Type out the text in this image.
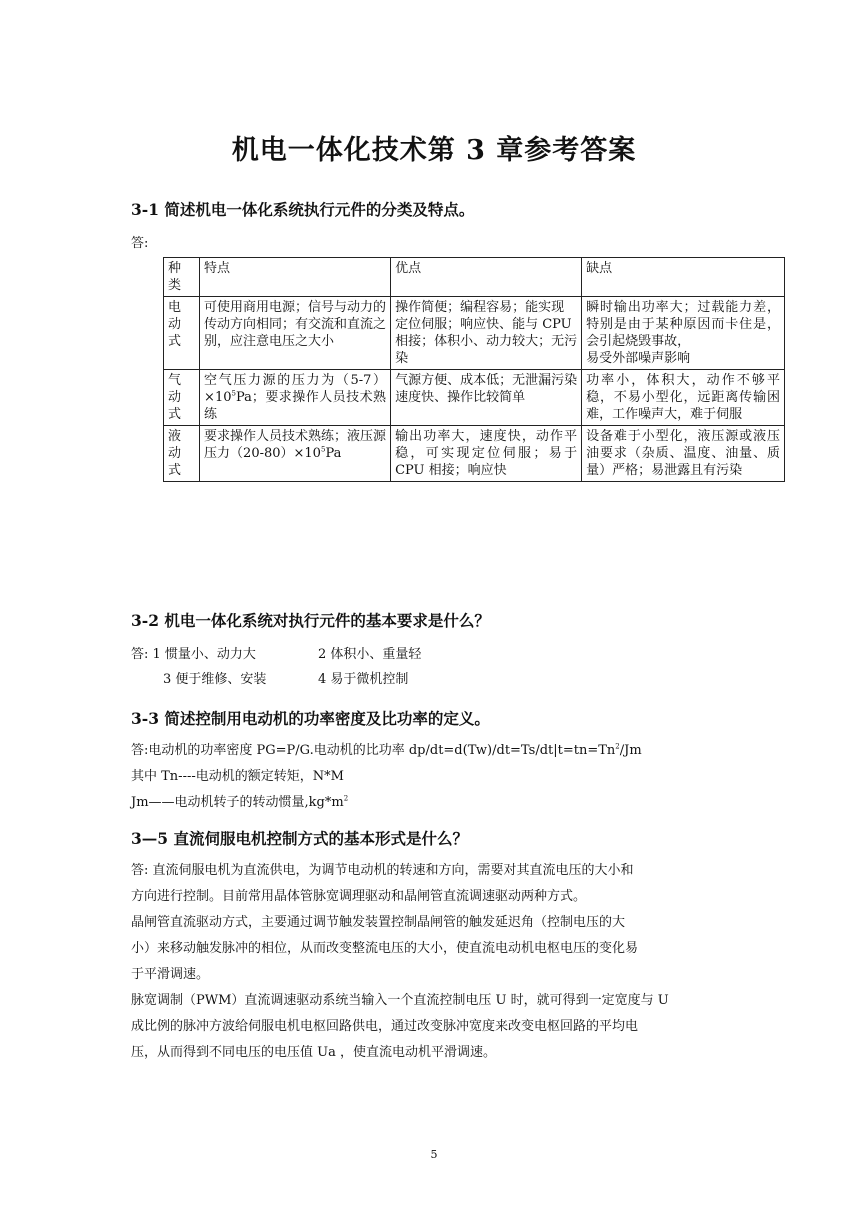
机电一体化技术第 3 章参考答案
3-1 简述机电一体化系统执行元件的分类及特点。
答:
种
类	特点	优点	缺点

电
动
式	可使用商用电源；信号与动力的
传动方向相同；有交流和直流之
别，应注意电压之大小	操作简便；编程容易；能实现
定位伺服；响应快、能与 CPU
相接；体积小、动力较大；无污
染	瞬时输出功率大；过载能力差，特别是由于某种原因而卡住是，会引起烧毁事故，
易受外部噪声影响

气
动
式	空气压力源的压力为$(5-7)\times 10^5Pa$；要求操作人员技术熟练	气源方便、成本低；无泄漏污染
速度快、操作比较简单	功率小，体积大，动作不够平稳，不易小型化，远距离传输困难，工作噪声大，难于伺服

液
动
式	要求操作人员技术熟练；液压源压力$(20-80)\times 10^5Pa$	输出功率大，速度快，动作平稳，可实现定位伺服；易于 CPU 相接；响应快	设备难于小型化，液压源或液压油要求（杂质、温度、油量、质量）严格；易泄露且有污染
3-2 机电一体化系统对执行元件的基本要求是什么？
答: 1 惯量小、动力大	2 体积小、重量轻
3 便于维修、安装	4 易于微机控制
3-3 简述控制用电动机的功率密度及比功率的定义。
答:电动机的功率密度 PG=P/G.电动机的比功率 $dp/dt=d(Tw)/dt=Ts/dt|t=tn=Tn^2/Jm$
其中 Tn----电动机的额定转矩，N*M
Jm——电动机转子的转动惯量$,kg*m^2$
3—5 直流伺服电机控制方式的基本形式是什么？
答: 直流伺服电机为直流供电，为调节电动机的转速和方向，需要对其直流电压的大小和
方向进行控制。目前常用晶体管脉宽调理驱动和晶闸管直流调速驱动两种方式。
晶闸管直流驱动方式，主要通过调节触发装置控制晶闸管的触发延迟角（控制电压的大
小）来移动触发脉冲的相位，从而改变整流电压的大小，使直流电动机电枢电压的变化易
于平滑调速。
脉宽调制（PWM）直流调速驱动系统当输入一个直流控制电压 U 时，就可得到一定宽度与 U
成比例的脉冲方波给伺服电机电枢回路供电，通过改变脉冲宽度来改变电枢回路的平均电
压，从而得到不同电压的电压值 Ua ，使直流电动机平滑调速。
5
